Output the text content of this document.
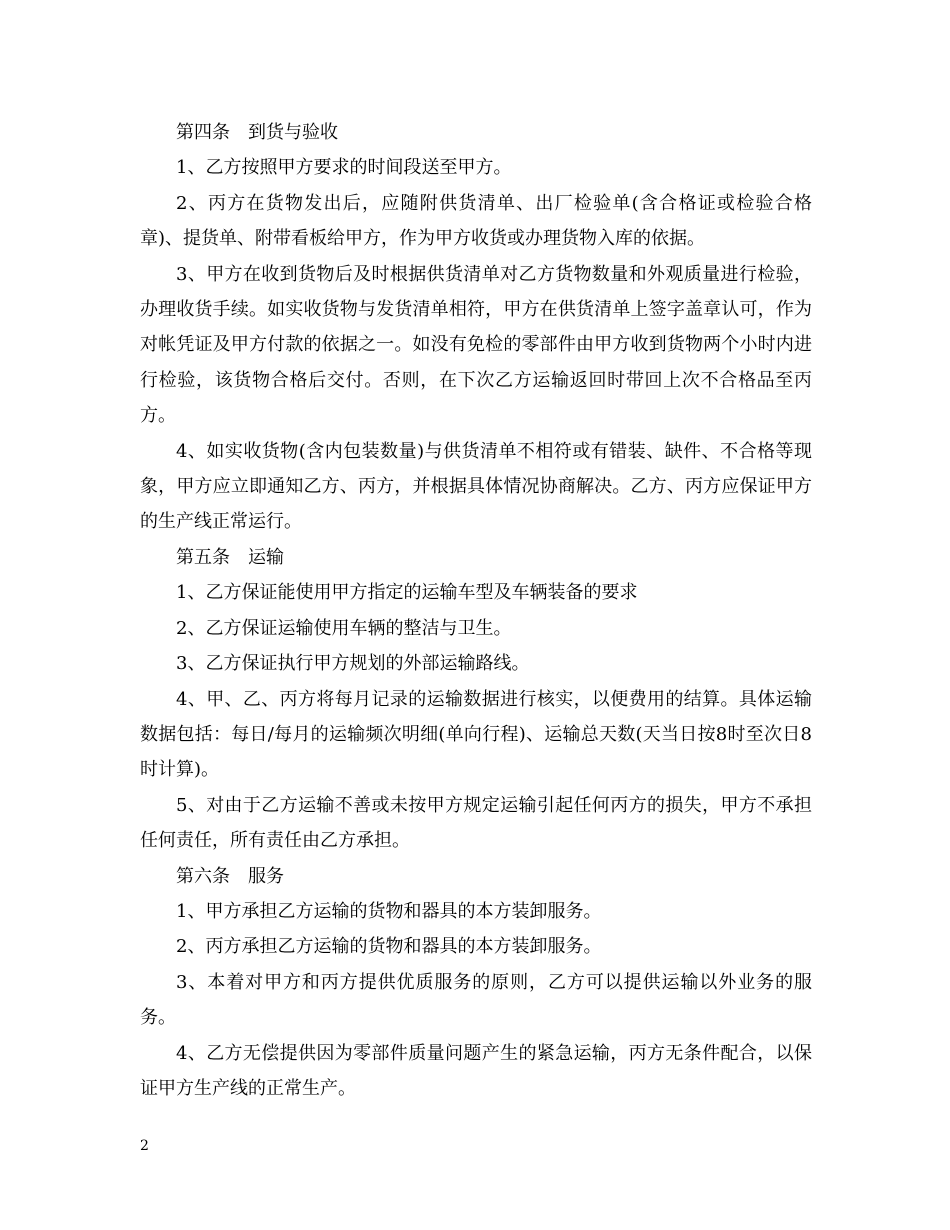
第四条 到货与验收

1、乙方按照甲方要求的时间段送至甲方。

2、丙方在货物发出后，应随附供货清单、出厂检验单(含合格证或检验合格章)、提货单、附带看板给甲方，作为甲方收货或办理货物入库的依据。

3、甲方在收到货物后及时根据供货清单对乙方货物数量和外观质量进行检验，办理收货手续。如实收货物与发货清单相符，甲方在供货清单上签字盖章认可，作为对帐凭证及甲方付款的依据之一。如没有免检的零部件由甲方收到货物两个小时内进行检验，该货物合格后交付。否则，在下次乙方运输返回时带回上次不合格品至丙方。

4、如实收货物(含内包装数量)与供货清单不相符或有错装、缺件、不合格等现象，甲方应立即通知乙方、丙方，并根据具体情况协商解决。乙方、丙方应保证甲方的生产线正常运行。

第五条 运输

1、乙方保证能使用甲方指定的运输车型及车辆装备的要求

2、乙方保证运输使用车辆的整洁与卫生。

3、乙方保证执行甲方规划的外部运输路线。

4、甲、乙、丙方将每月记录的运输数据进行核实，以便费用的结算。具体运输数据包括：每日/每月的运输频次明细(单向行程)、运输总天数(天当日按8时至次日8时计算)。

5、对由于乙方运输不善或未按甲方规定运输引起任何丙方的损失，甲方不承担任何责任，所有责任由乙方承担。

第六条 服务

1、甲方承担乙方运输的货物和器具的本方装卸服务。

2、丙方承担乙方运输的货物和器具的本方装卸服务。

3、本着对甲方和丙方提供优质服务的原则，乙方可以提供运输以外业务的服务。

4、乙方无偿提供因为零部件质量问题产生的紧急运输，丙方无条件配合，以保证甲方生产线的正常生产。

2
